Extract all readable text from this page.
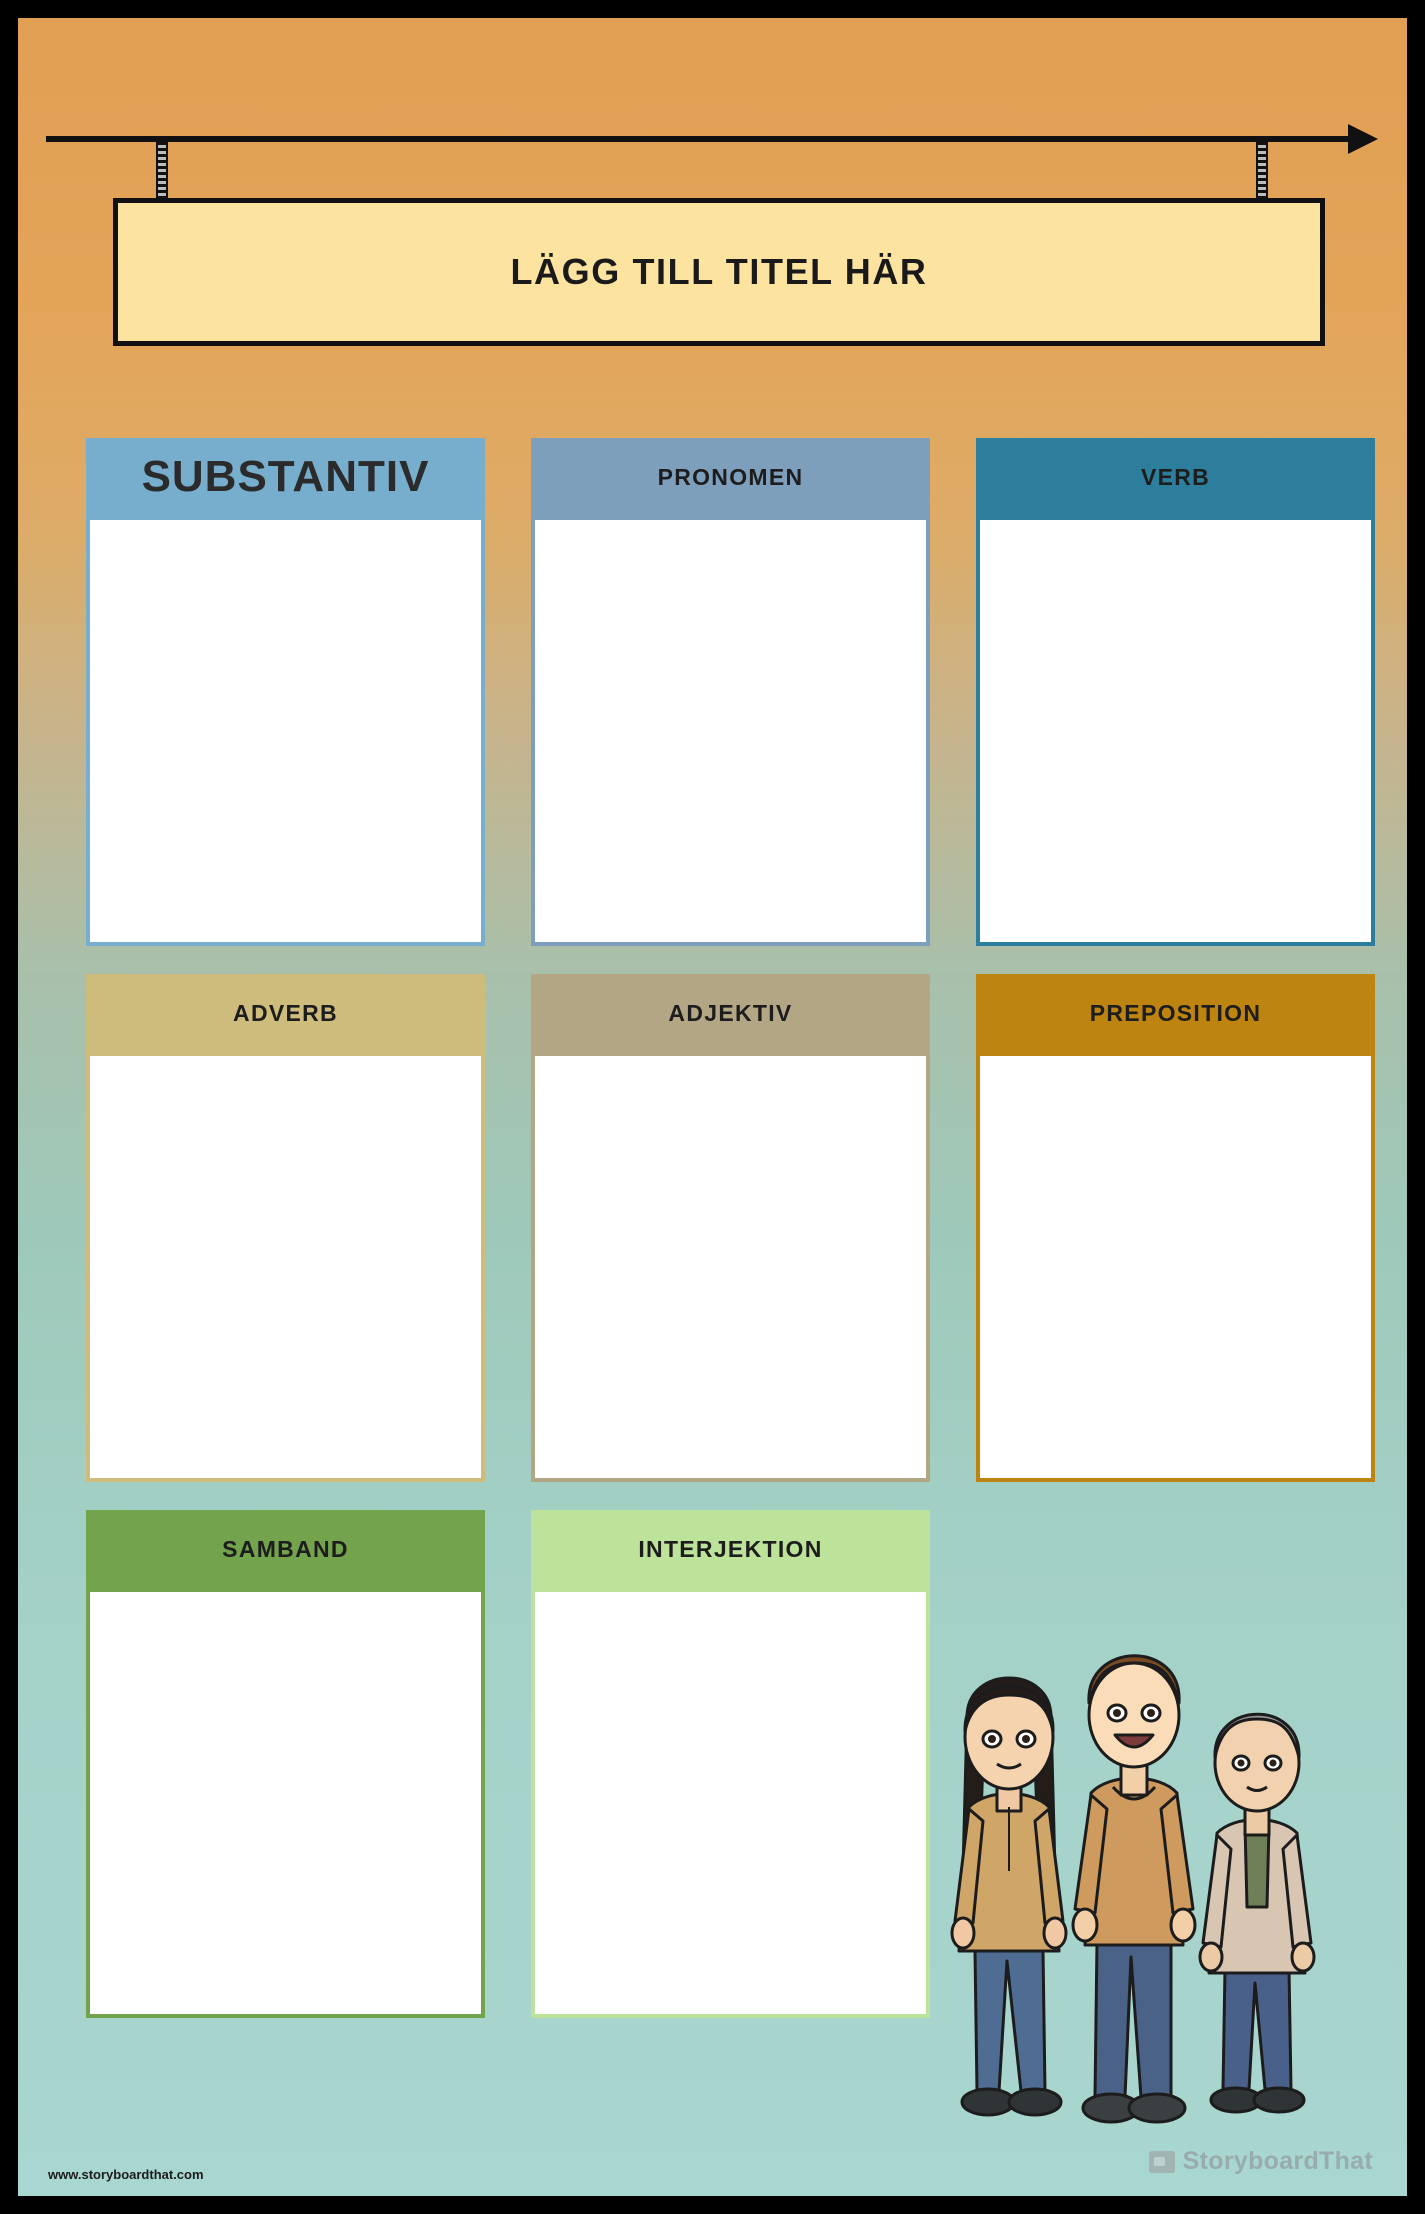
LÄGG TILL TITEL HÄR
SUBSTANTIV	PRONOMEN	VERB
ADVERB	ADJEKTIV	PREPOSITION
SAMBAND	INTERJEKTION
www.storyboardthat.com	StoryboardThat
